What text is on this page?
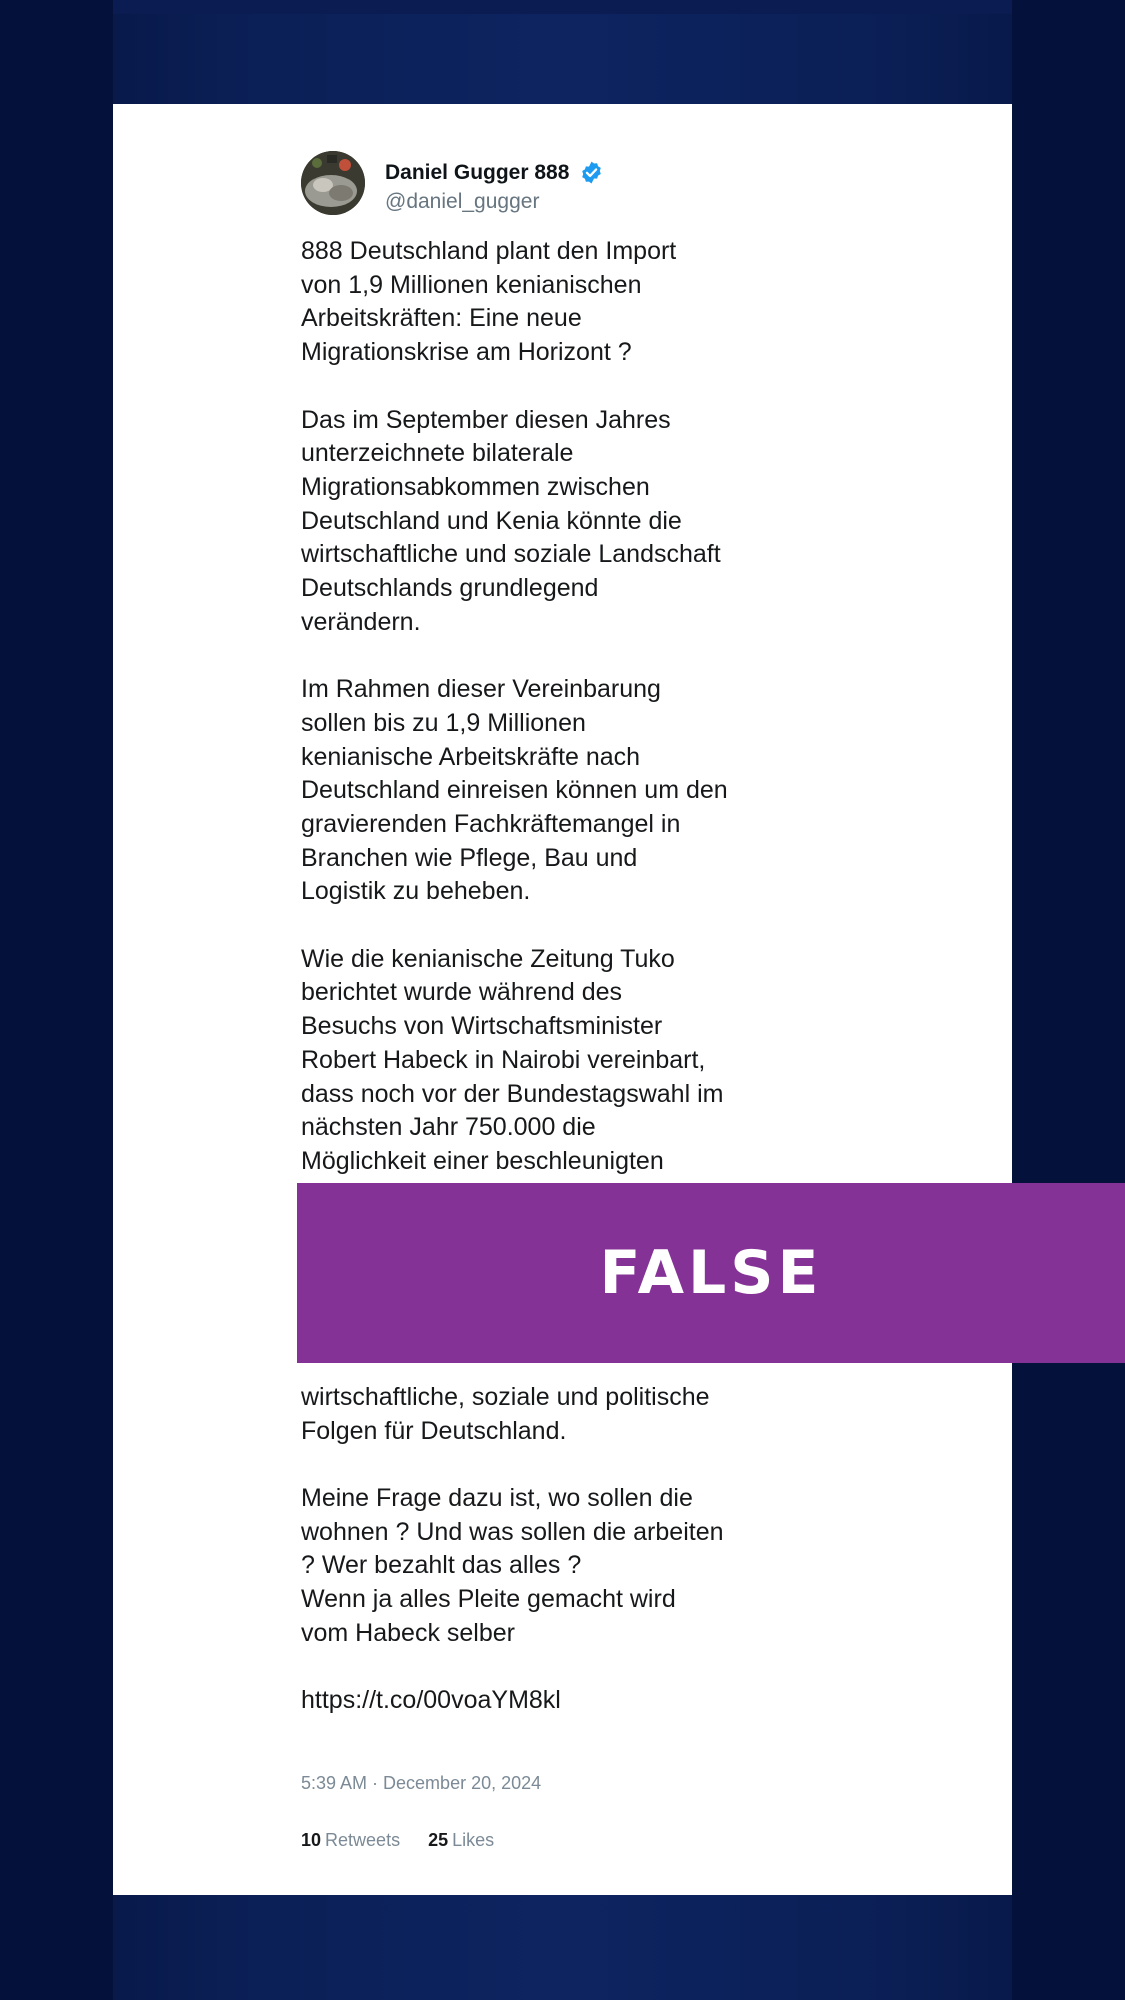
Daniel Gugger 888
@daniel_gugger
888 Deutschland plant den Import
von 1,9 Millionen kenianischen
Arbeitskräften: Eine neue
Migrationskrise am Horizont ?

Das im September diesen Jahres
unterzeichnete bilaterale
Migrationsabkommen zwischen
Deutschland und Kenia könnte die
wirtschaftliche und soziale Landschaft
Deutschlands grundlegend
verändern.

Im Rahmen dieser Vereinbarung
sollen bis zu 1,9 Millionen
kenianische Arbeitskräfte nach
Deutschland einreisen können um den
gravierenden Fachkräftemangel in
Branchen wie Pflege, Bau und
Logistik zu beheben.

Wie die kenianische Zeitung Tuko
berichtet wurde während des
Besuchs von Wirtschaftsminister
Robert Habeck in Nairobi vereinbart,
dass noch vor der Bundestagswahl im
nächsten Jahr 750.000 die
Möglichkeit einer beschleunigten

wirtschaftliche, soziale und politische
Folgen für Deutschland.

Meine Frage dazu ist, wo sollen die
wohnen ? Und was sollen die arbeiten
? Wer bezahlt das alles ?
Wenn ja alles Pleite gemacht wird
vom Habeck selber

https://t.co/00voaYM8kl
5:39 AM · December 20, 2024
10 Retweets 25 Likes
FALSE
